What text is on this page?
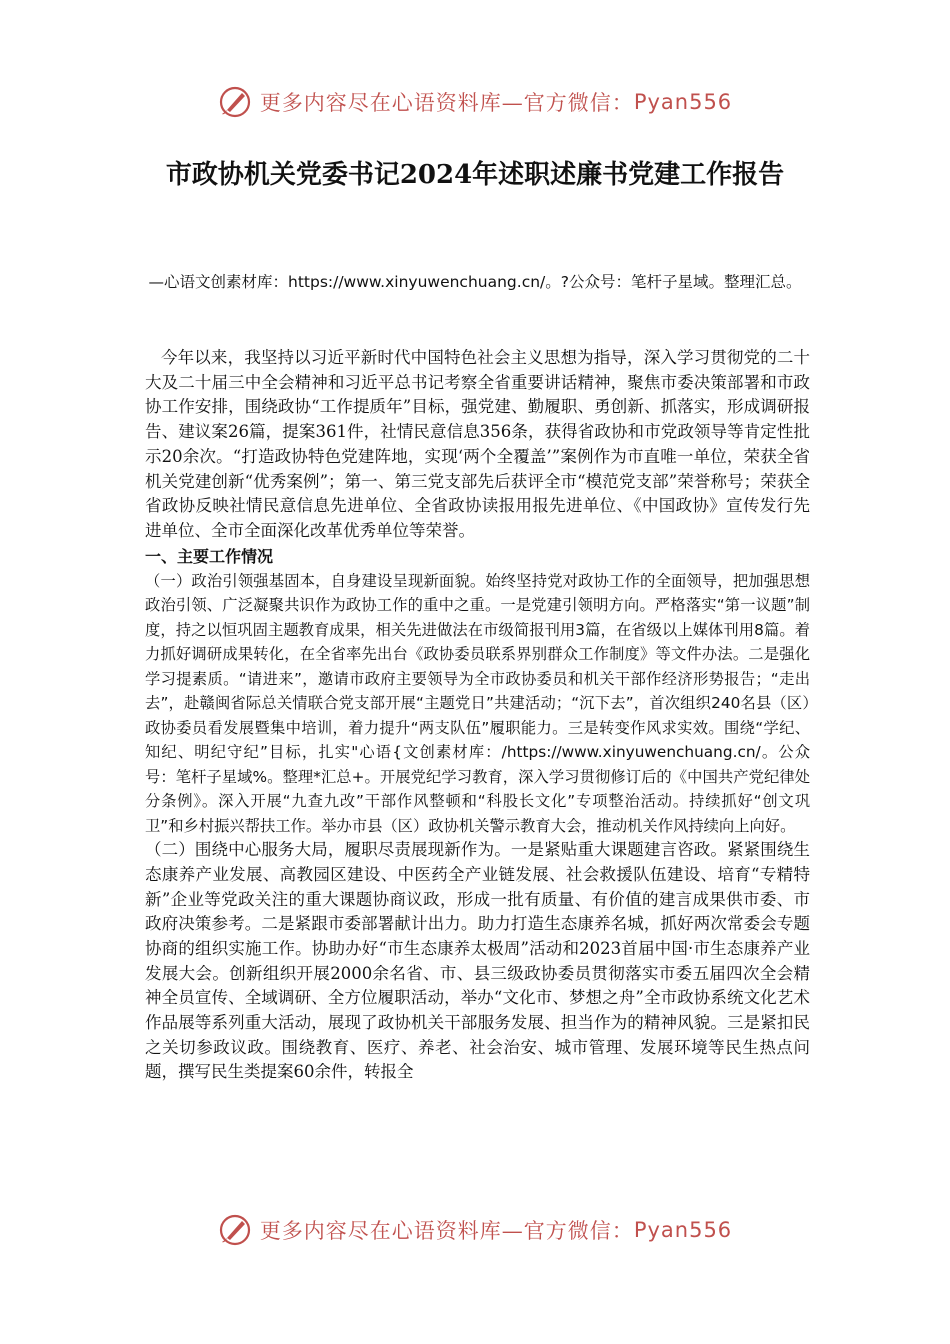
更多内容尽在心语资料库—官方微信： Pyan556
市政协机关党委书记2024年述职述廉书党建工作报告
—心语文创素材库：https://www.xinyuwenchuang.cn/。?公众号：笔杆子星域。整理汇总。

今年以来，我坚持以习近平新时代中国特色社会主义思想为指导，深入学习贯彻党的二十大及二十届三中全会精神和习近平总书记考察全省重要讲话精神，聚焦市委决策部署和市政协工作安排，围绕政协“工作提质年”目标，强党建、勤履职、勇创新、抓落实，形成调研报告、建议案26篇，提案361件，社情民意信息356条，获得省政协和市党政领导等肯定性批示20余次。“打造政协特色党建阵地，实现‘两个全覆盖’”案例作为市直唯一单位，荣获全省机关党建创新“优秀案例”；第一、第三党支部先后获评全市“模范党支部”荣誉称号；荣获全省政协反映社情民意信息先进单位、全省政协读报用报先进单位、《中国政协》宣传发行先进单位、全市全面深化改革优秀单位等荣誉。

一、主要工作情况

（一）政治引领强基固本，自身建设呈现新面貌。始终坚持党对政协工作的全面领导，把加强思想政治引领、广泛凝聚共识作为政协工作的重中之重。一是党建引领明方向。严格落实“第一议题”制度，持之以恒巩固主题教育成果，相关先进做法在市级简报刊用3篇，在省级以上媒体刊用8篇。着力抓好调研成果转化，在全省率先出台《政协委员联系界别群众工作制度》等文件办法。二是强化学习提素质。“请进来”，邀请市政府主要领导为全市政协委员和机关干部作经济形势报告；“走出去”，赴赣闽省际总关情联合党支部开展“主题党日”共建活动；“沉下去”，首次组织240名县（区）政协委员看发展暨集中培训，着力提升“两支队伍”履职能力。三是转变作风求实效。围绕“学纪、知纪、明纪守纪”目标，扎实"心语{文创素材库：/https://www.xinyuwenchuang.cn/。公众号：笔杆子星域%。整理*汇总+。开展党纪学习教育，深入学习贯彻修订后的《中国共产党纪律处分条例》。深入开展“九查九改”干部作风整顿和“科股长文化”专项整治活动。持续抓好“创文巩卫”和乡村振兴帮扶工作。举办市县（区）政协机关警示教育大会，推动机关作风持续向上向好。

（二）围绕中心服务大局，履职尽责展现新作为。一是紧贴重大课题建言咨政。紧紧围绕生态康养产业发展、高教园区建设、中医药全产业链发展、社会救援队伍建设、培育“专精特新”企业等党政关注的重大课题协商议政，形成一批有质量、有价值的建言成果供市委、市政府决策参考。二是紧跟市委部署献计出力。助力打造生态康养名城，抓好两次常委会专题协商的组织实施工作。协助办好“市生态康养太极周”活动和2023首届中国·市生态康养产业发展大会。创新组织开展2000余名省、市、县三级政协委员贯彻落实市委五届四次全会精神全员宣传、全域调研、全方位履职活动，举办“文化市、梦想之舟”全市政协系统文化艺术作品展等系列重大活动，展现了政协机关干部服务发展、担当作为的精神风貌。三是紧扣民之关切参政议政。围绕教育、医疗、养老、社会治安、城市管理、发展环境等民生热点问题，撰写民生类提案60余件，转报全

更多内容尽在心语资料库—官方微信： Pyan556
